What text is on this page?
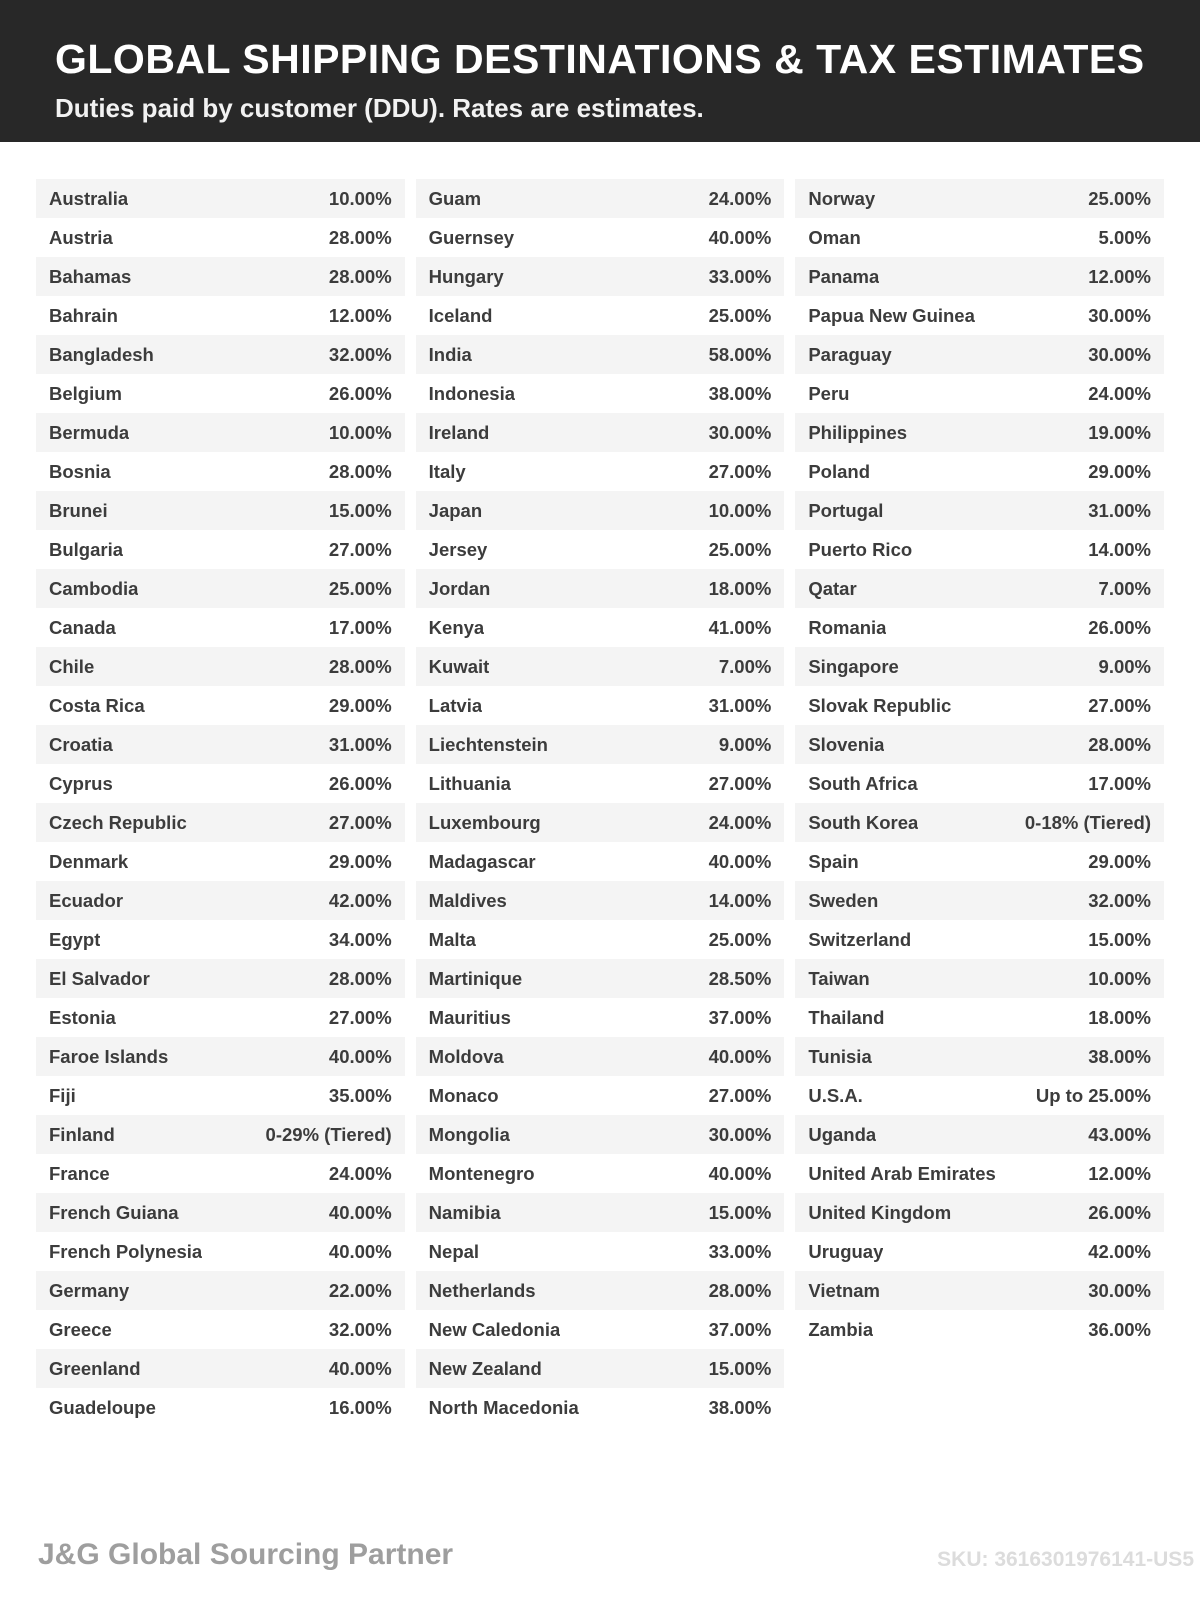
GLOBAL SHIPPING DESTINATIONS & TAX ESTIMATES
Duties paid by customer (DDU). Rates are estimates.
Australia	10.00%
Austria	28.00%
Bahamas	28.00%
Bahrain	12.00%
Bangladesh	32.00%
Belgium	26.00%
Bermuda	10.00%
Bosnia	28.00%
Brunei	15.00%
Bulgaria	27.00%
Cambodia	25.00%
Canada	17.00%
Chile	28.00%
Costa Rica	29.00%
Croatia	31.00%
Cyprus	26.00%
Czech Republic	27.00%
Denmark	29.00%
Ecuador	42.00%
Egypt	34.00%
El Salvador	28.00%
Estonia	27.00%
Faroe Islands	40.00%
Fiji	35.00%
Finland	0-29% (Tiered)
France	24.00%
French Guiana	40.00%
French Polynesia	40.00%
Germany	22.00%
Greece	32.00%
Greenland	40.00%
Guadeloupe	16.00%
Guam	24.00%
Guernsey	40.00%
Hungary	33.00%
Iceland	25.00%
India	58.00%
Indonesia	38.00%
Ireland	30.00%
Italy	27.00%
Japan	10.00%
Jersey	25.00%
Jordan	18.00%
Kenya	41.00%
Kuwait	7.00%
Latvia	31.00%
Liechtenstein	9.00%
Lithuania	27.00%
Luxembourg	24.00%
Madagascar	40.00%
Maldives	14.00%
Malta	25.00%
Martinique	28.50%
Mauritius	37.00%
Moldova	40.00%
Monaco	27.00%
Mongolia	30.00%
Montenegro	40.00%
Namibia	15.00%
Nepal	33.00%
Netherlands	28.00%
New Caledonia	37.00%
New Zealand	15.00%
North Macedonia	38.00%
Norway	25.00%
Oman	5.00%
Panama	12.00%
Papua New Guinea	30.00%
Paraguay	30.00%
Peru	24.00%
Philippines	19.00%
Poland	29.00%
Portugal	31.00%
Puerto Rico	14.00%
Qatar	7.00%
Romania	26.00%
Singapore	9.00%
Slovak Republic	27.00%
Slovenia	28.00%
South Africa	17.00%
South Korea	0-18% (Tiered)
Spain	29.00%
Sweden	32.00%
Switzerland	15.00%
Taiwan	10.00%
Thailand	18.00%
Tunisia	38.00%
U.S.A.	Up to 25.00%
Uganda	43.00%
United Arab Emirates	12.00%
United Kingdom	26.00%
Uruguay	42.00%
Vietnam	30.00%
Zambia	36.00%
J&G Global Sourcing Partner	SKU: 3616301976141-US5
